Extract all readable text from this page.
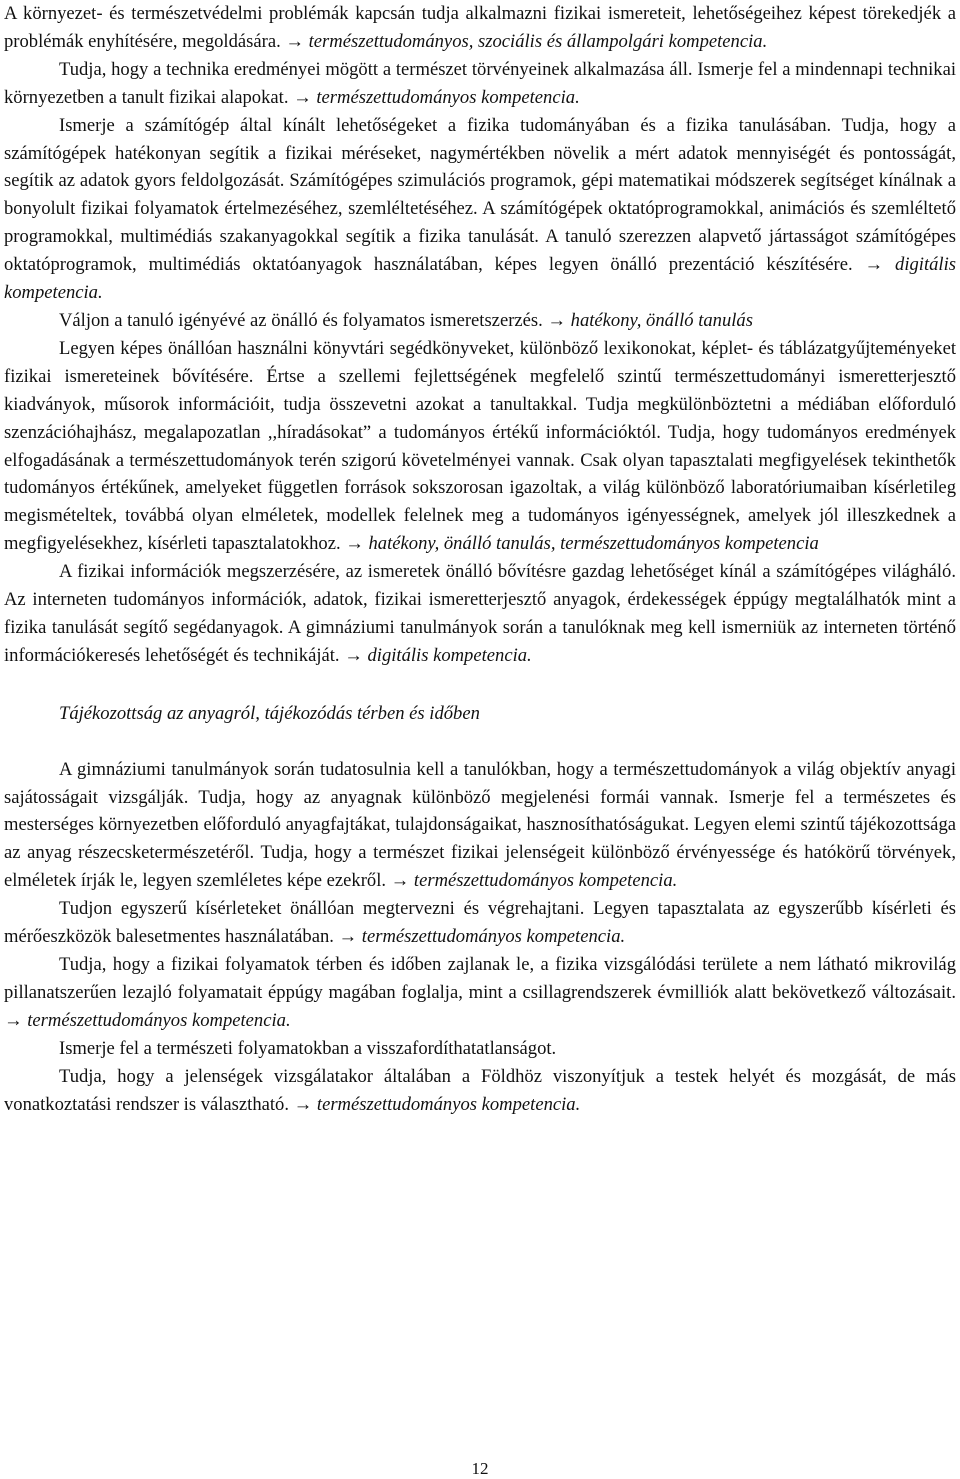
A környezet- és természetvédelmi problémák kapcsán tudja alkalmazni fizikai ismereteit, lehetőségeihez képest törekedjék a problémák enyhítésére, megoldására. → természettudományos, szociális és állampolgári kompetencia.

Tudja, hogy a technika eredményei mögött a természet törvényeinek alkalmazása áll. Ismerje fel a mindennapi technikai környezetben a tanult fizikai alapokat. → természettudományos kompetencia.

Ismerje a számítógép által kínált lehetőségeket a fizika tudományában és a fizika tanulásában. Tudja, hogy a számítógépek hatékonyan segítik a fizikai méréseket, nagymértékben növelik a mért adatok mennyiségét és pontosságát, segítik az adatok gyors feldolgozását. Számítógépes szimulációs programok, gépi matematikai módszerek segítséget kínálnak a bonyolult fizikai folyamatok értelmezéséhez, szemléltetéséhez. A számítógépek oktatóprogramokkal, animációs és szemléltető programokkal, multimédiás szakanyagokkal segítik a fizika tanulását. A tanuló szerezzen alapvető jártasságot számítógépes oktatóprogramok, multimédiás oktatóanyagok használatában, képes legyen önálló prezentáció készítésére. → digitális kompetencia.

Váljon a tanuló igényévé az önálló és folyamatos ismeretszerzés. → hatékony, önálló tanulás

Legyen képes önállóan használni könyvtári segédkönyveket, különböző lexikonokat, képlet- és táblázatgyűjteményeket fizikai ismereteinek bővítésére. Értse a szellemi fejlettségének megfelelő szintű természettudományi ismeretterjesztő kiadványok, műsorok információit, tudja összevetni azokat a tanultakkal. Tudja megkülönböztetni a médiában előforduló szenzációhajhász, megalapozatlan ,,híradásokat” a tudományos értékű információktól. Tudja, hogy tudományos eredmények elfogadásának a természettudományok terén szigorú követelményei vannak. Csak olyan tapasztalati megfigyelések tekinthetők tudományos értékűnek, amelyeket független források sokszorosan igazoltak, a világ különböző laboratóriumaiban kísérletileg megismételtek, továbbá olyan elméletek, modellek felelnek meg a tudományos igényességnek, amelyek jól illeszkednek a megfigyelésekhez, kísérleti tapasztalatokhoz. → hatékony, önálló tanulás, természettudományos kompetencia

A fizikai információk megszerzésére, az ismeretek önálló bővítésre gazdag lehetőséget kínál a számítógépes világháló. Az interneten tudományos információk, adatok, fizikai ismeretterjesztő anyagok, érdekességek éppúgy megtalálhatók mint a fizika tanulását segítő segédanyagok. A gimnáziumi tanulmányok során a tanulóknak meg kell ismerniük az interneten történő információkeresés lehetőségét és technikáját. → digitális kompetencia.

Tájékozottság az anyagról, tájékozódás térben és időben

A gimnáziumi tanulmányok során tudatosulnia kell a tanulókban, hogy a természettudományok a világ objektív anyagi sajátosságait vizsgálják. Tudja, hogy az anyagnak különböző megjelenési formái vannak. Ismerje fel a természetes és mesterséges környezetben előforduló anyagfajtákat, tulajdonságaikat, hasznosíthatóságukat. Legyen elemi szintű tájékozottsága az anyag részecsketermészetéről. Tudja, hogy a természet fizikai jelenségeit különböző érvényessége és hatókörű törvények, elméletek írják le, legyen szemléletes képe ezekről. → természettudományos kompetencia.

Tudjon egyszerű kísérleteket önállóan megtervezni és végrehajtani. Legyen tapasztalata az egyszerűbb kísérleti és mérőeszközök balesetmentes használatában. → természettudományos kompetencia.

Tudja, hogy a fizikai folyamatok térben és időben zajlanak le, a fizika vizsgálódási területe a nem látható mikrovilág pillanatszerűen lezajló folyamatait éppúgy magában foglalja, mint a csillagrendszerek évmilliók alatt bekövetkező változásait. → természettudományos kompetencia.

Ismerje fel a természeti folyamatokban a visszafordíthatatlanságot.

Tudja, hogy a jelenségek vizsgálatakor általában a Földhöz viszonyítjuk a testek helyét és mozgását, de más vonatkoztatási rendszer is választható. → természettudományos kompetencia.

12
